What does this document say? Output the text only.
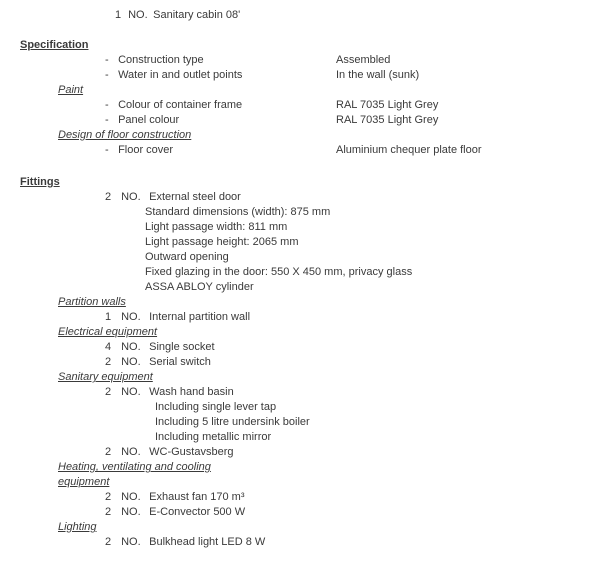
1 NO. Sanitary cabin 08'
Specification
- Construction type	Assembled
- Water in and outlet points	In the wall (sunk)
Paint
- Colour of container frame	RAL 7035 Light Grey
- Panel colour	RAL 7035 Light Grey
Design of floor construction
- Floor cover	Aluminium chequer plate floor
Fittings
2 NO. External steel door
Standard dimensions (width): 875 mm
Light passage width: 811 mm
Light passage height: 2065 mm
Outward opening
Fixed glazing in the door: 550 X 450 mm, privacy glass
ASSA ABLOY cylinder
Partition walls
1 NO. Internal partition wall
Electrical equipment
4 NO. Single socket
2 NO. Serial switch
Sanitary equipment
2 NO. Wash hand basin
Including single lever tap
Including 5 litre undersink boiler
Including metallic mirror
2 NO. WC-Gustavsberg
Heating, ventilating and cooling equipment
2 NO. Exhaust fan 170 m³
2 NO. E-Convector 500 W
Lighting
2 NO. Bulkhead light LED 8 W
